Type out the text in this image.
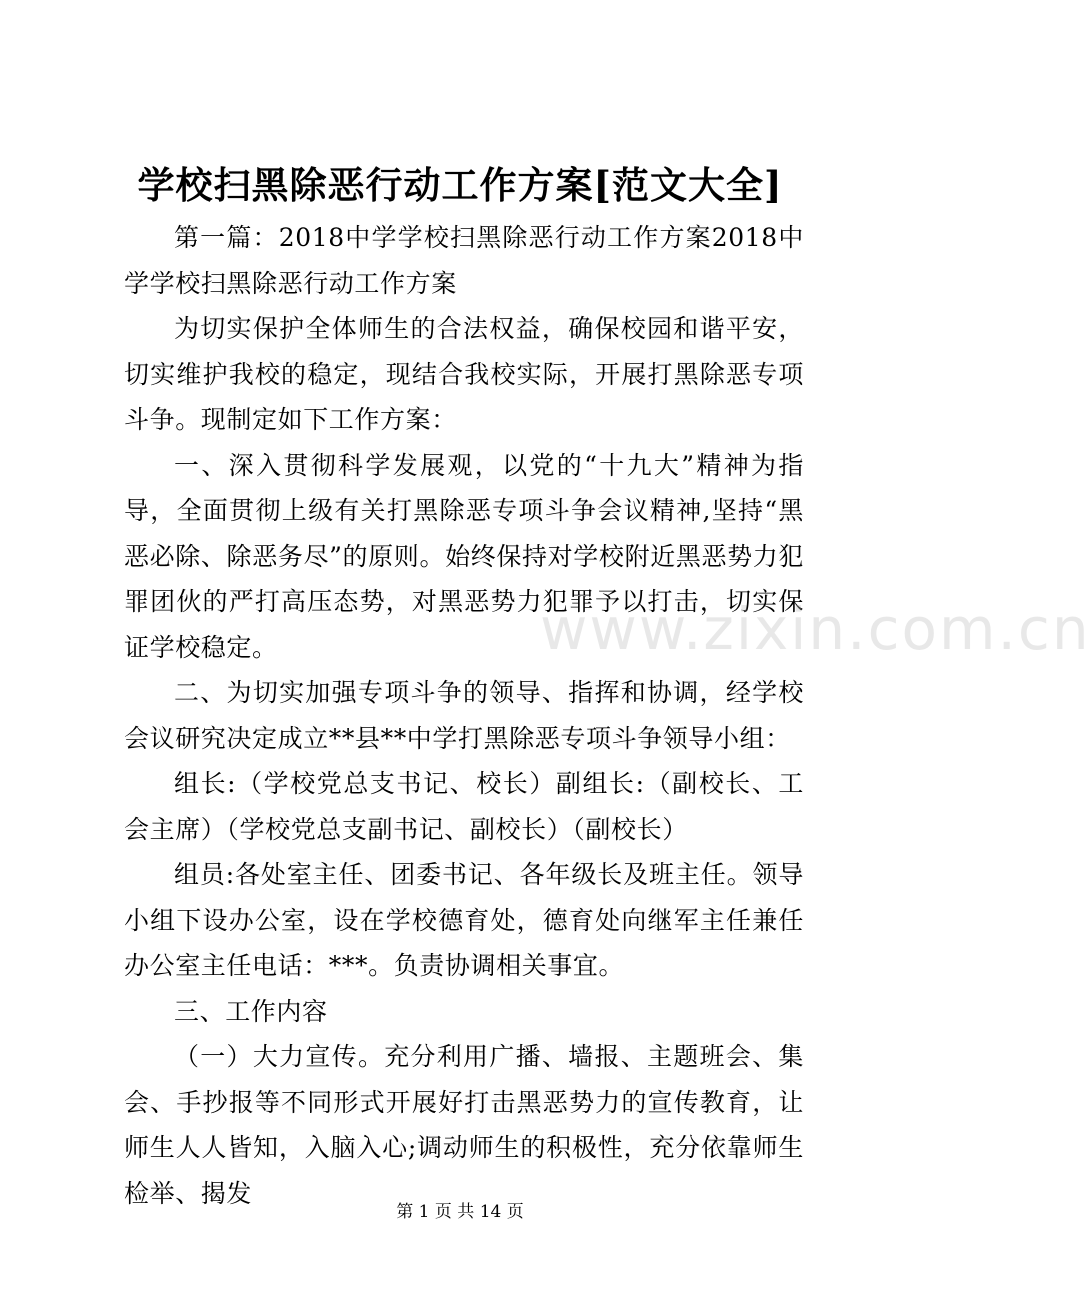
学校扫黑除恶行动工作方案[范文大全]

第一篇：2018中学学校扫黑除恶行动工作方案2018中学学校扫黑除恶行动工作方案

为切实保护全体师生的合法权益，确保校园和谐平安，切实维护我校的稳定，现结合我校实际，开展打黑除恶专项斗争。现制定如下工作方案：

一、深入贯彻科学发展观，以党的“十九大”精神为指导，全面贯彻上级有关打黑除恶专项斗争会议精神,坚持“黑恶必除、除恶务尽”的原则。始终保持对学校附近黑恶势力犯罪团伙的严打高压态势，对黑恶势力犯罪予以打击，切实保证学校稳定。

二、为切实加强专项斗争的领导、指挥和协调，经学校会议研究决定成立**县**中学打黑除恶专项斗争领导小组：

组长:（学校党总支书记、校长）副组长:（副校长、工会主席）（学校党总支副书记、副校长）（副校长）

组员:各处室主任、团委书记、各年级长及班主任。领导小组下设办公室，设在学校德育处，德育处向继军主任兼任办公室主任电话：***。负责协调相关事宜。

三、工作内容

（一）大力宣传。充分利用广播、墙报、主题班会、集会、手抄报等不同形式开展好打击黑恶势力的宣传教育，让师生人人皆知，入脑入心;调动师生的积极性，充分依靠师生检举、揭发

www.zixin.com.cn
第 1 页 共 14 页
